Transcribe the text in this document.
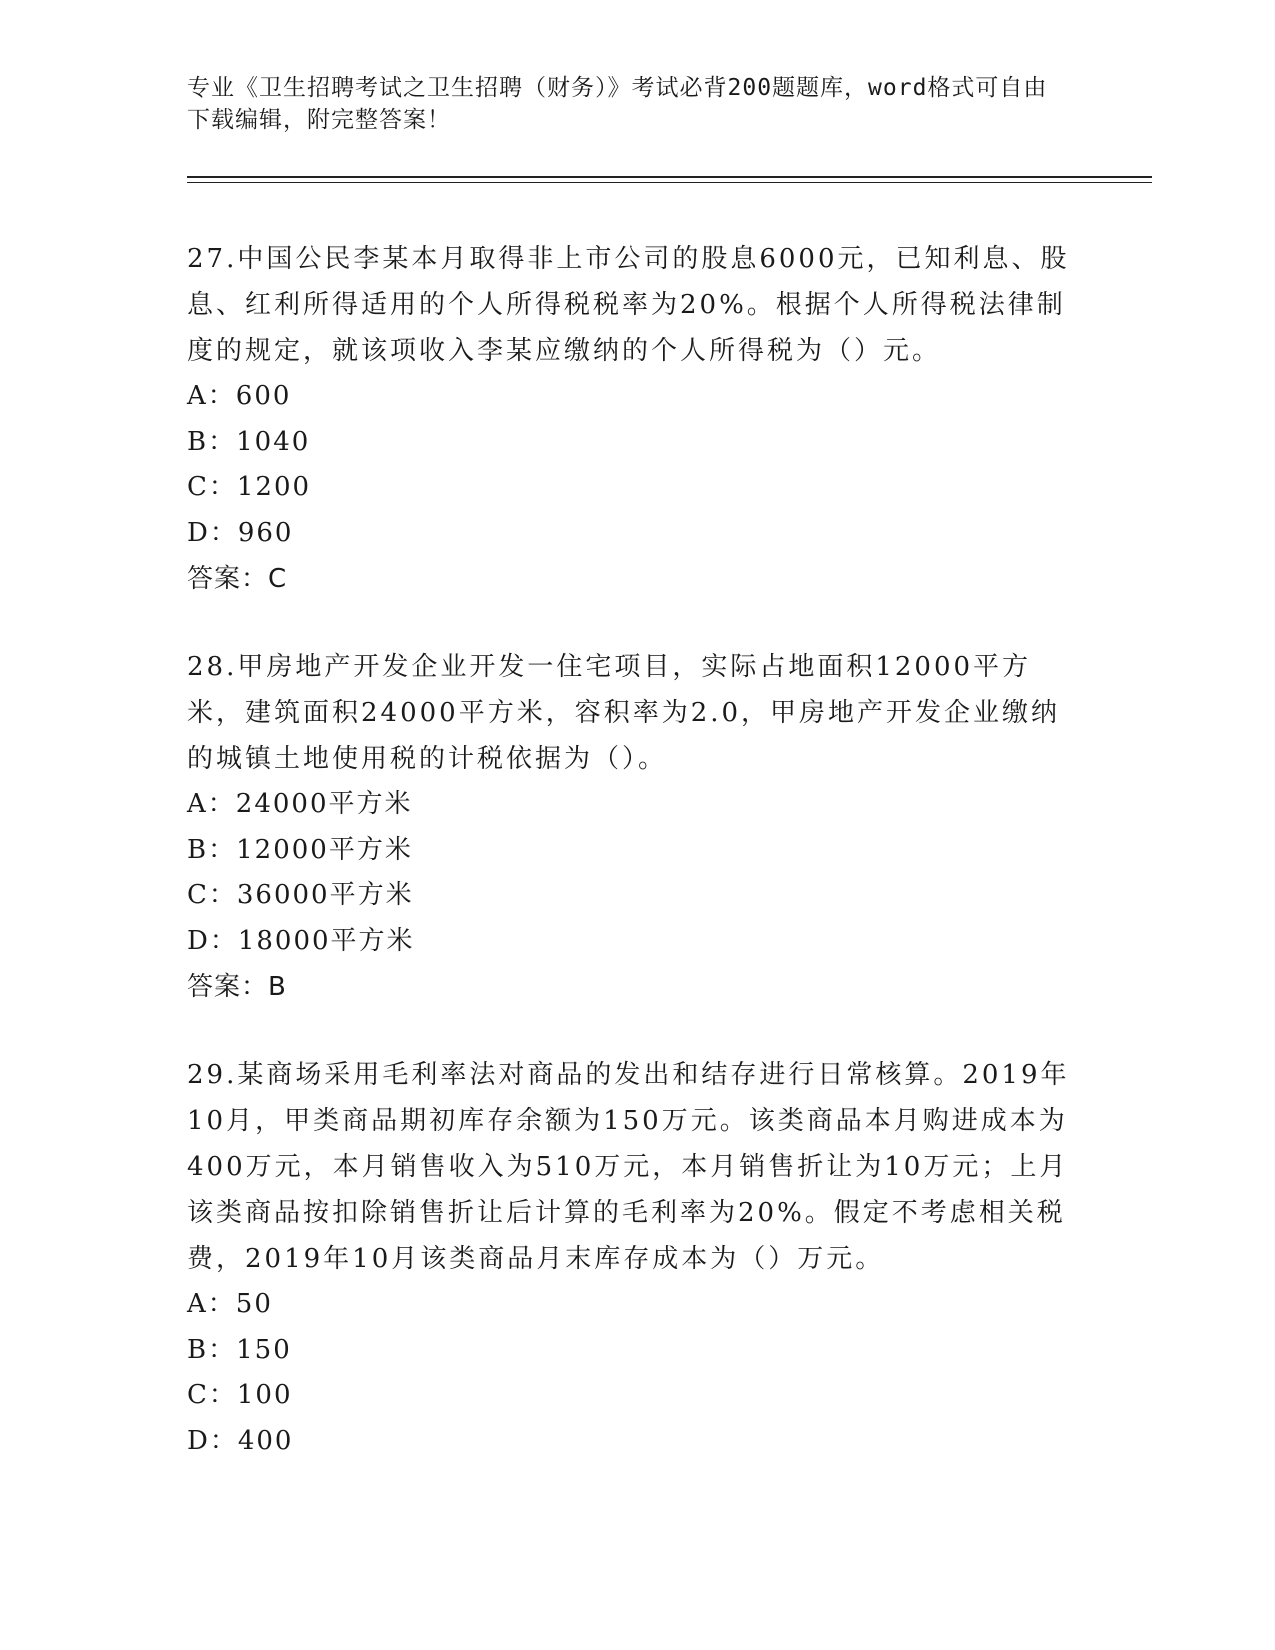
专业《卫生招聘考试之卫生招聘（财务）》考试必背200题题库，word格式可自由下载编辑，附完整答案！

27.中国公民李某本月取得非上市公司的股息6000元，已知利息、股息、红利所得适用的个人所得税税率为20%。根据个人所得税法律制度的规定，就该项收入李某应缴纳的个人所得税为（）元。

A：600

B：1040

C：1200

D：960

答案：C

28.甲房地产开发企业开发一住宅项目，实际占地面积12000平方米，建筑面积24000平方米，容积率为2.0，甲房地产开发企业缴纳的城镇土地使用税的计税依据为（）。

A：24000平方米

B：12000平方米

C：36000平方米

D：18000平方米

答案：B

29.某商场采用毛利率法对商品的发出和结存进行日常核算。2019年10月，甲类商品期初库存余额为150万元。该类商品本月购进成本为400万元，本月销售收入为510万元，本月销售折让为10万元；上月该类商品按扣除销售折让后计算的毛利率为20%。假定不考虑相关税费，2019年10月该类商品月末库存成本为（）万元。

A：50

B：150

C：100

D：400
